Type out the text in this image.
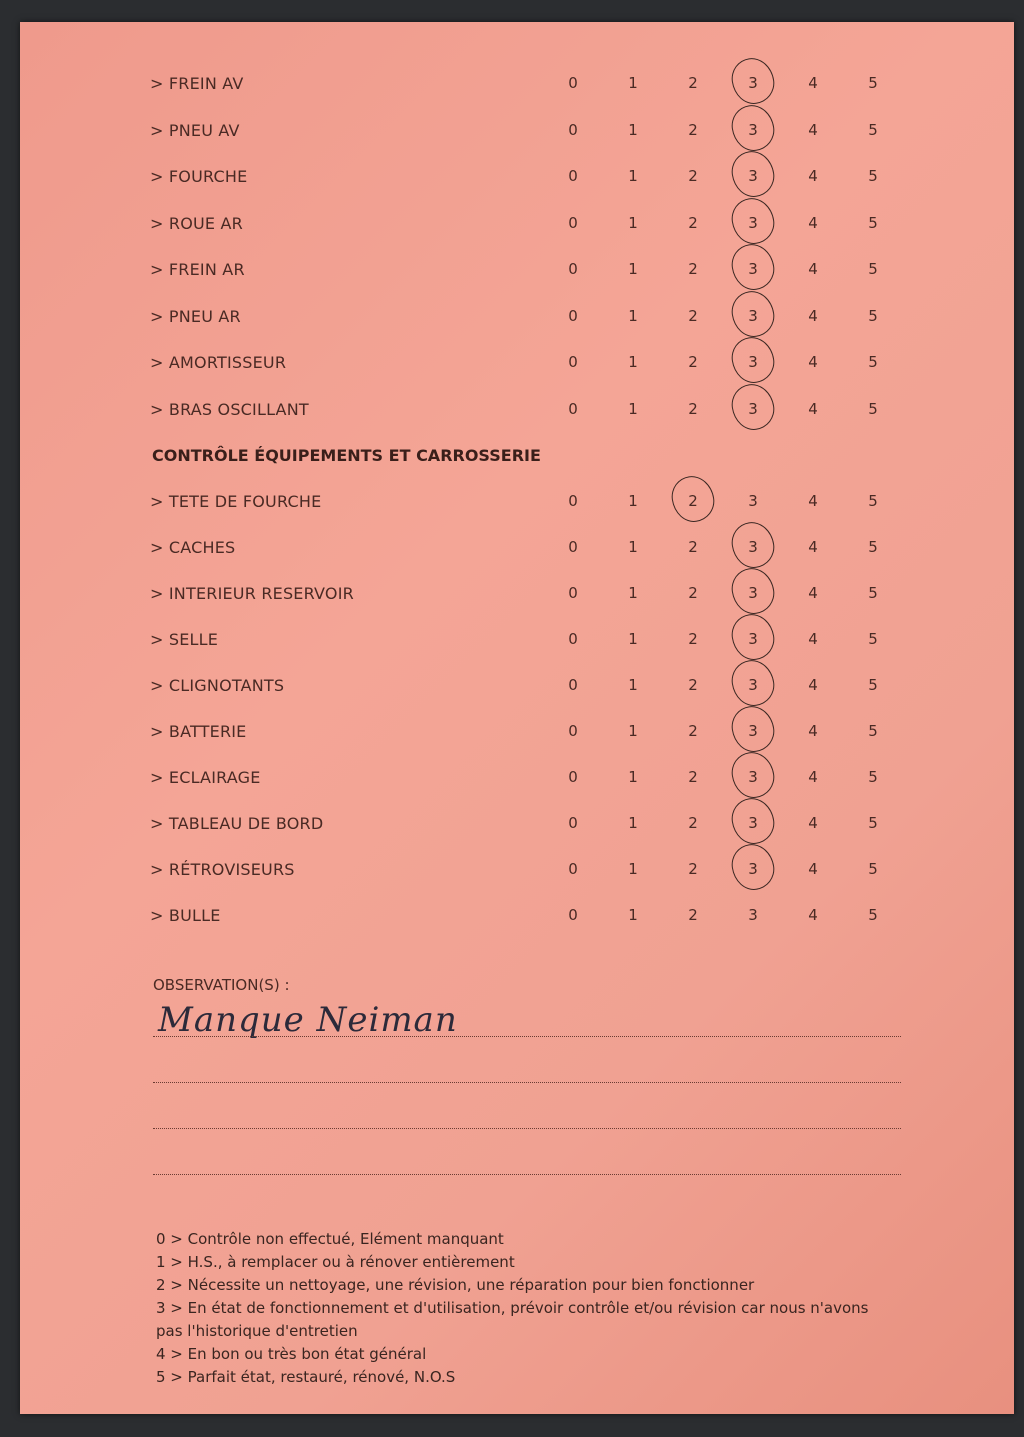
> FREIN AV	0	1	2	3	4	5
> PNEU AV	0	1	2	3	4	5
> FOURCHE	0	1	2	3	4	5
> ROUE AR	0	1	2	3	4	5
> FREIN AR	0	1	2	3	4	5
> PNEU AR	0	1	2	3	4	5
> AMORTISSEUR	0	1	2	3	4	5
> BRAS OSCILLANT	0	1	2	3	4	5
CONTRÔLE ÉQUIPEMENTS ET CARROSSERIE
> TETE DE FOURCHE	0	1	2	3	4	5
> CACHES	0	1	2	3	4	5
> INTERIEUR RESERVOIR	0	1	2	3	4	5
> SELLE	0	1	2	3	4	5
> CLIGNOTANTS	0	1	2	3	4	5
> BATTERIE	0	1	2	3	4	5
> ECLAIRAGE	0	1	2	3	4	5
> TABLEAU DE BORD	0	1	2	3	4	5
> RÉTROVISEURS	0	1	2	3	4	5
> BULLE	0	1	2	3	4	5
OBSERVATION(S) :
Manque Neiman
0 > Contrôle non effectué, Elément manquant
1 > H.S., à remplacer ou à rénover entièrement
2 > Nécessite un nettoyage, une révision, une réparation pour bien fonctionner
3 > En état de fonctionnement et d'utilisation, prévoir contrôle et/ou révision car nous n'avons pas l'historique d'entretien
4 > En bon ou très bon état général
5 > Parfait état, restauré, rénové, N.O.S
